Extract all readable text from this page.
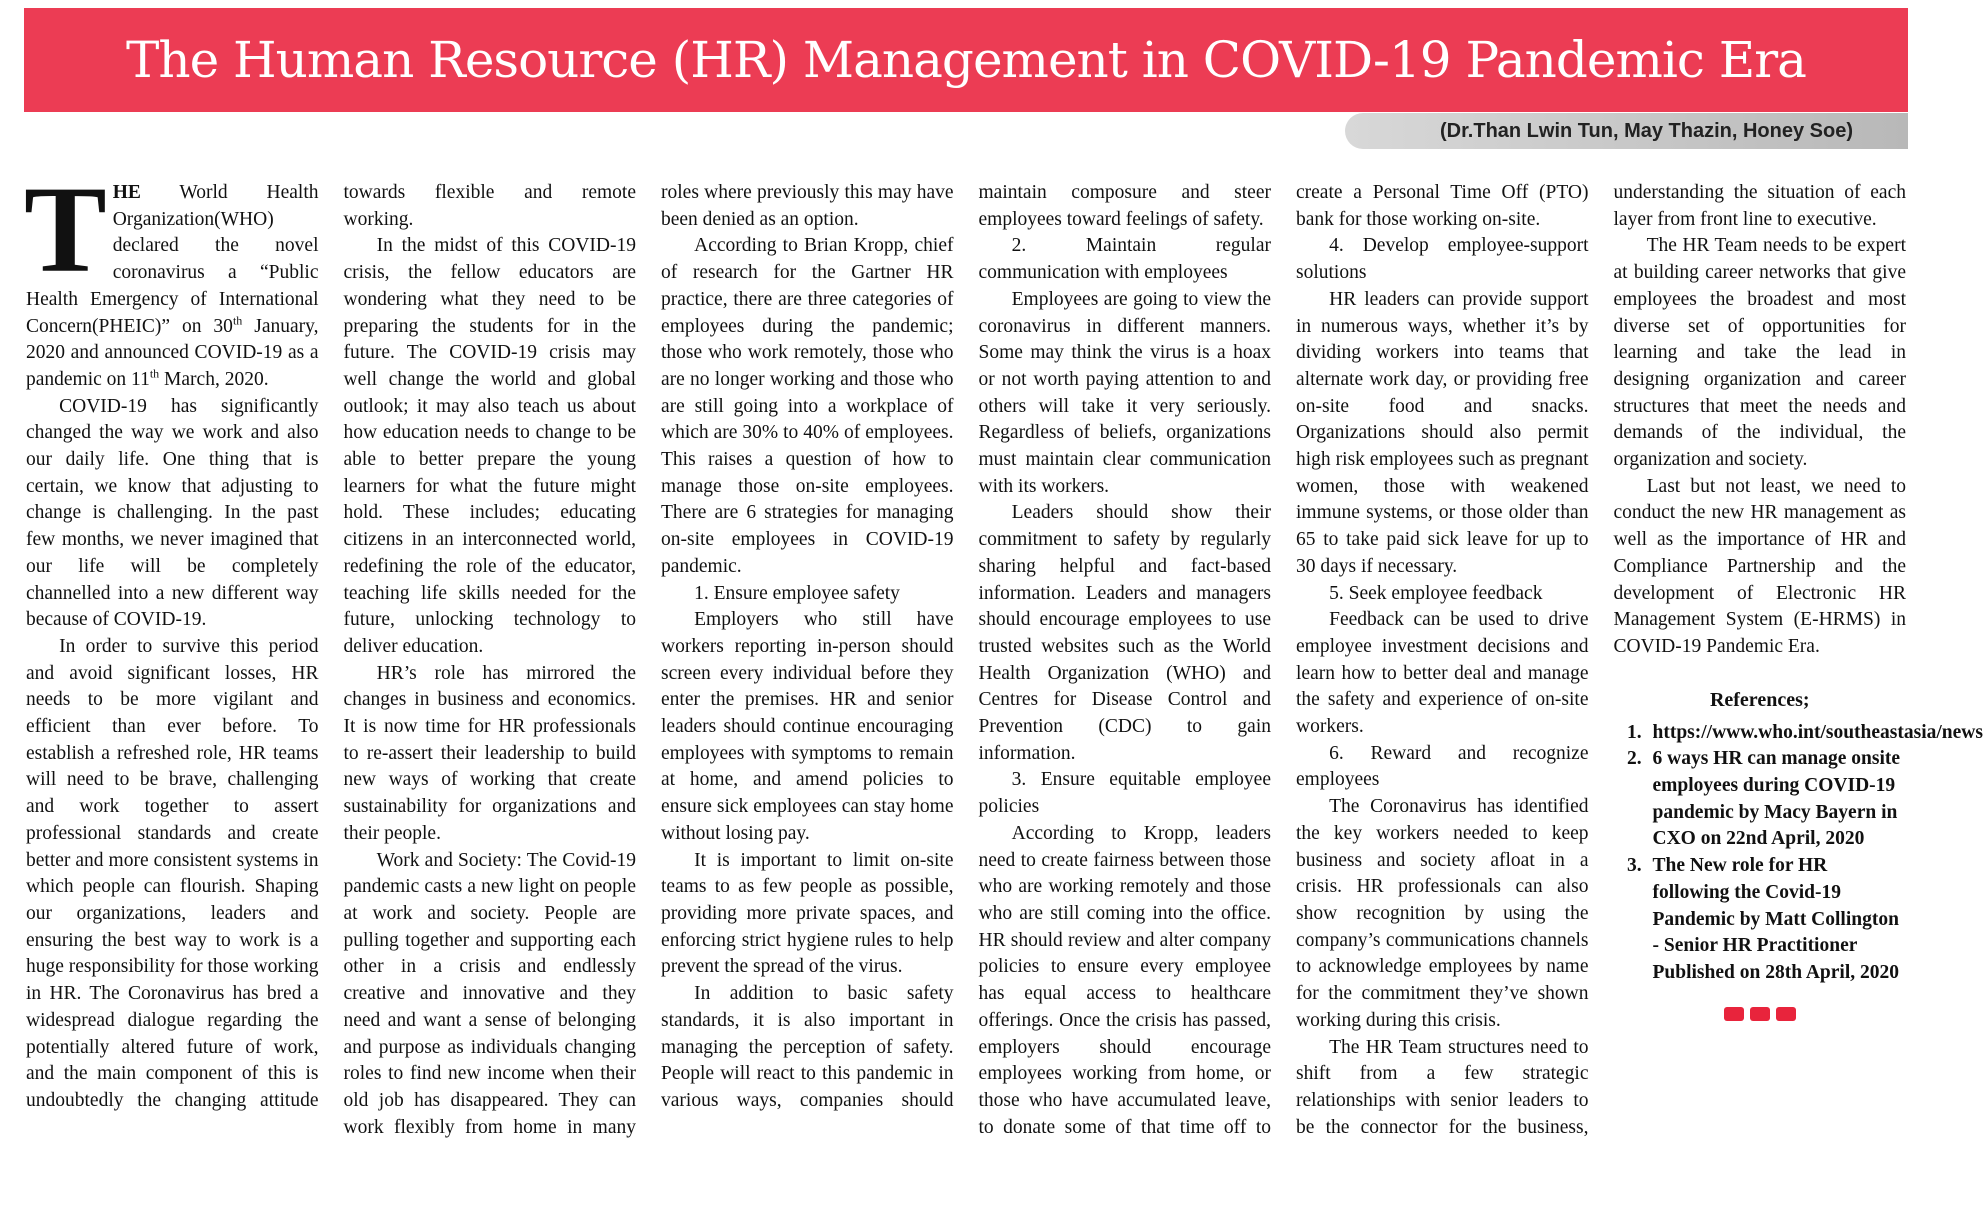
The Human Resource (HR) Management in COVID-19 Pandemic Era

(Dr.Than Lwin Tun, May Thazin, Honey Soe)

THE World Health Organization(WHO) declared the novel coronavirus a “Public Health Emergency of International Concern(PHEIC)” on 30th January, 2020 and announced COVID-19 as a pandemic on 11th March, 2020.

COVID-19 has significantly changed the way we work and also our daily life. One thing that is certain, we know that adjusting to change is challenging. In the past few months, we never imagined that our life will be completely channelled into a new different way because of COVID-19.

In order to survive this period and avoid significant losses, HR needs to be more vigilant and efficient than ever before. To establish a refreshed role, HR teams will need to be brave, challenging and work together to assert professional standards and create better and more consistent systems in which people can flourish. Shaping our organizations, leaders and ensuring the best way to work is a huge responsibility for those working in HR. The Coronavirus has bred a widespread dialogue regarding the potentially altered future of work, and the main component of this is undoubtedly the changing attitude towards flexible and remote working.

In the midst of this COVID-19 crisis, the fellow educators are wondering what they need to be preparing the students for in the future. The COVID-19 crisis may well change the world and global outlook; it may also teach us about how education needs to change to be able to better prepare the young learners for what the future might hold. These includes; educating citizens in an interconnected world, redefining the role of the educator, teaching life skills needed for the future, unlocking technology to deliver education.

HR’s role has mirrored the changes in business and economics. It is now time for HR professionals to re-assert their leadership to build new ways of working that create sustainability for organizations and their people.

Work and Society: The Covid-19 pandemic casts a new light on people at work and society. People are pulling together and supporting each other in a crisis and endlessly creative and innovative and they need and want a sense of belonging and purpose as individuals changing roles to find new income when their old job has disappeared. They can work flexibly from home in many roles where previously this may have been denied as an option.

According to Brian Kropp, chief of research for the Gartner HR practice, there are three categories of employees during the pandemic; those who work remotely, those who are no longer working and those who are still going into a workplace of which are 30% to 40% of employees. This raises a question of how to manage those on-site employees. There are 6 strategies for managing on-site employees in COVID-19 pandemic.

1. Ensure employee safety

Employers who still have workers reporting in-person should screen every individual before they enter the premises. HR and senior leaders should continue encouraging employees with symptoms to remain at home, and amend policies to ensure sick employees can stay home without losing pay.

It is important to limit on-site teams to as few people as possible, providing more private spaces, and enforcing strict hygiene rules to help prevent the spread of the virus.

In addition to basic safety standards, it is also important in managing the perception of safety. People will react to this pandemic in various ways, companies should maintain composure and steer employees toward feelings of safety.

2. Maintain regular communication with employees

Employees are going to view the coronavirus in different manners. Some may think the virus is a hoax or not worth paying attention to and others will take it very seriously. Regardless of beliefs, organizations must maintain clear communication with its workers.

Leaders should show their commitment to safety by regularly sharing helpful and fact-based information. Leaders and managers should encourage employees to use trusted websites such as the World Health Organization (WHO) and Centres for Disease Control and Prevention (CDC) to gain information.

3. Ensure equitable employee policies

According to Kropp, leaders need to create fairness between those who are working remotely and those who are still coming into the office. HR should review and alter company policies to ensure every employee has equal access to healthcare offerings. Once the crisis has passed, employers should encourage employees working from home, or those who have accumulated leave, to donate some of that time off to create a Personal Time Off (PTO) bank for those working on-site.

4. Develop employee-support solutions

HR leaders can provide support in numerous ways, whether it’s by dividing workers into teams that alternate work day, or providing free on-site food and snacks. Organizations should also permit high risk employees such as pregnant women, those with weakened immune systems, or those older than 65 to take paid sick leave for up to 30 days if necessary.

5. Seek employee feedback

Feedback can be used to drive employee investment decisions and learn how to better deal and manage the safety and experience of on-site workers.

6. Reward and recognize employees

The Coronavirus has identified the key workers needed to keep business and society afloat in a crisis. HR professionals can also show recognition by using the company’s communications channels to acknowledge employees by name for the commitment they’ve shown working during this crisis.

The HR Team structures need to shift from a few strategic relationships with senior leaders to be the connector for the business, understanding the situation of each layer from front line to executive.

The HR Team needs to be expert at building career networks that give employees the broadest and most diverse set of opportunities for learning and take the lead in designing organization and career structures that meet the needs and demands of the individual, the organization and society.

Last but not least, we need to conduct the new HR management as well as the importance of HR and Compliance Partnership and the development of Electronic HR Management System (E-HRMS) in COVID-19 Pandemic Era.

References;
1. https://www.who.int/southeastasia/news
2. 6 ways HR can manage onsite employees during COVID-19 pandemic by Macy Bayern in CXO on 22nd April, 2020
3. The New role for HR following the Covid-19 Pandemic by Matt Collington - Senior HR Practitioner Published on 28th April, 2020
